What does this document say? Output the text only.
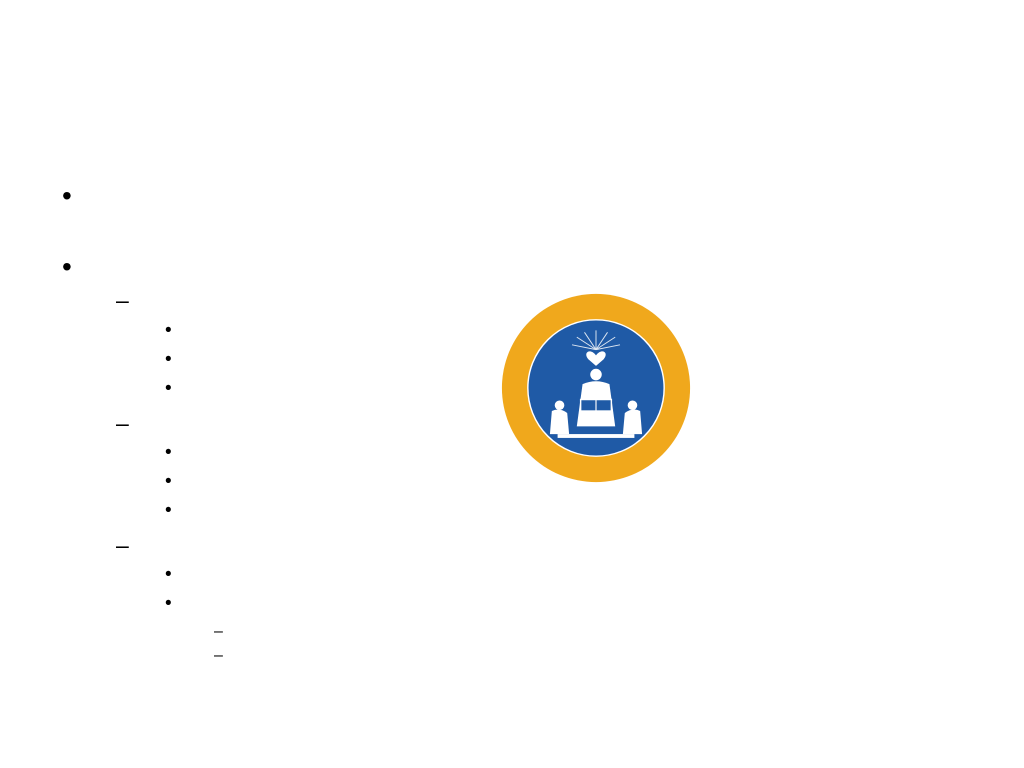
•
•
–
•
•
•
–
•
•
•
–
•
•
–
–
